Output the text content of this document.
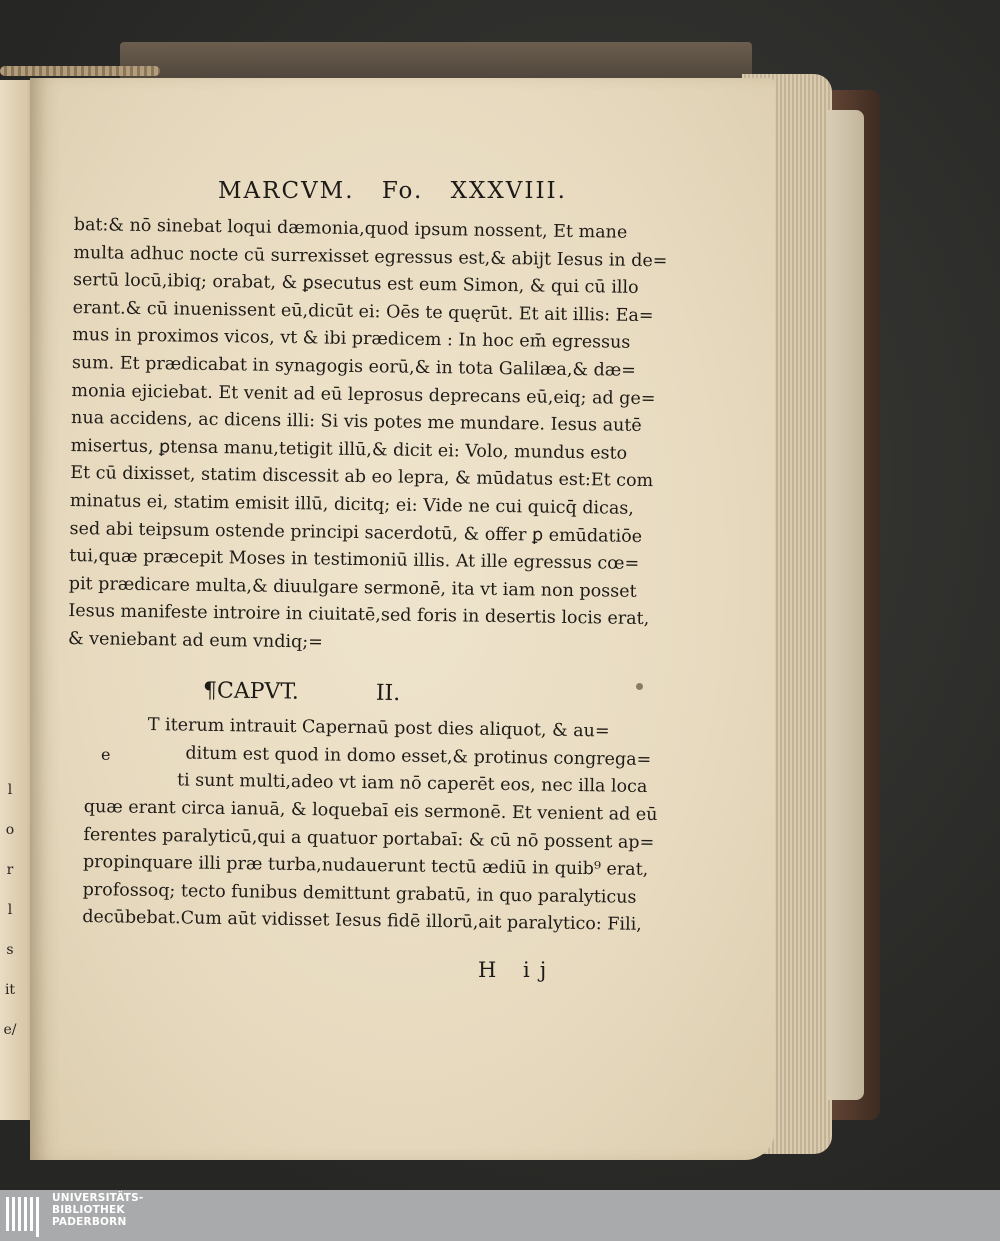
l
o
r
l
s
it
e/
MARCVM. Fo. XXXVIII.
bat:& nō sinebat loqui dæmonia,quod ipsum nossent, Et mane
multa adhuc nocte cū surrexisset egressus est,& abijt Iesus in de=
sertū locū,ibiq; orabat, & ꝑsecutus est eum Simon, & qui cū illo
erant.& cū inuenissent eū,dicūt ei: Oēs te quęrūt. Et ait illis: Ea=
mus in proximos vicos, vt & ibi prædicem : In hoc em̄ egressus
sum. Et prædicabat in synagogis eorū,& in tota Galilæa,& dæ=
monia ejiciebat. Et venit ad eū leprosus deprecans eū,eiq; ad ge=
nua accidens, ac dicens illi: Si vis potes me mundare. Iesus autē
misertus, ꝑtensa manu,tetigit illū,& dicit ei: Volo, mundus esto
Et cū dixisset, statim discessit ab eo lepra, & mūdatus est:Et com
minatus ei, statim emisit illū, dicitq; ei: Vide ne cui quicq̄ dicas,
sed abi teipsum ostende principi sacerdotū, & offer ꝑ emūdatiōe
tui,quæ præcepit Moses in testimoniū illis. At ille egressus cœ=
pit prædicare multa,& diuulgare sermonē, ita vt iam non posset
Iesus manifeste introire in ciuitatē,sed foris in desertis locis erat,
& veniebant ad eum vndiq;=
¶CAPVT.	II.
e
T iterum intrauit Capernaū post dies aliquot, & au=
ditum est quod in domo esset,& protinus congrega=
ti sunt multi,adeo vt iam nō caperēt eos, nec illa loca
quæ erant circa ianuā, & loquebaī eis sermonē. Et venient ad eū
ferentes paralyticū,qui a quatuor portabaī: & cū nō possent ap=
propinquare illi præ turba,nudauerunt tectū ædiū in quib⁹ erat,
profossoq; tecto funibus demittunt grabatū, in quo paralyticus
decūbebat.Cum aūt vidisset Iesus fidē illorū,ait paralytico: Fili,
H ij
UNIVERSITÄTS-
BIBLIOTHEK
PADERBORN
